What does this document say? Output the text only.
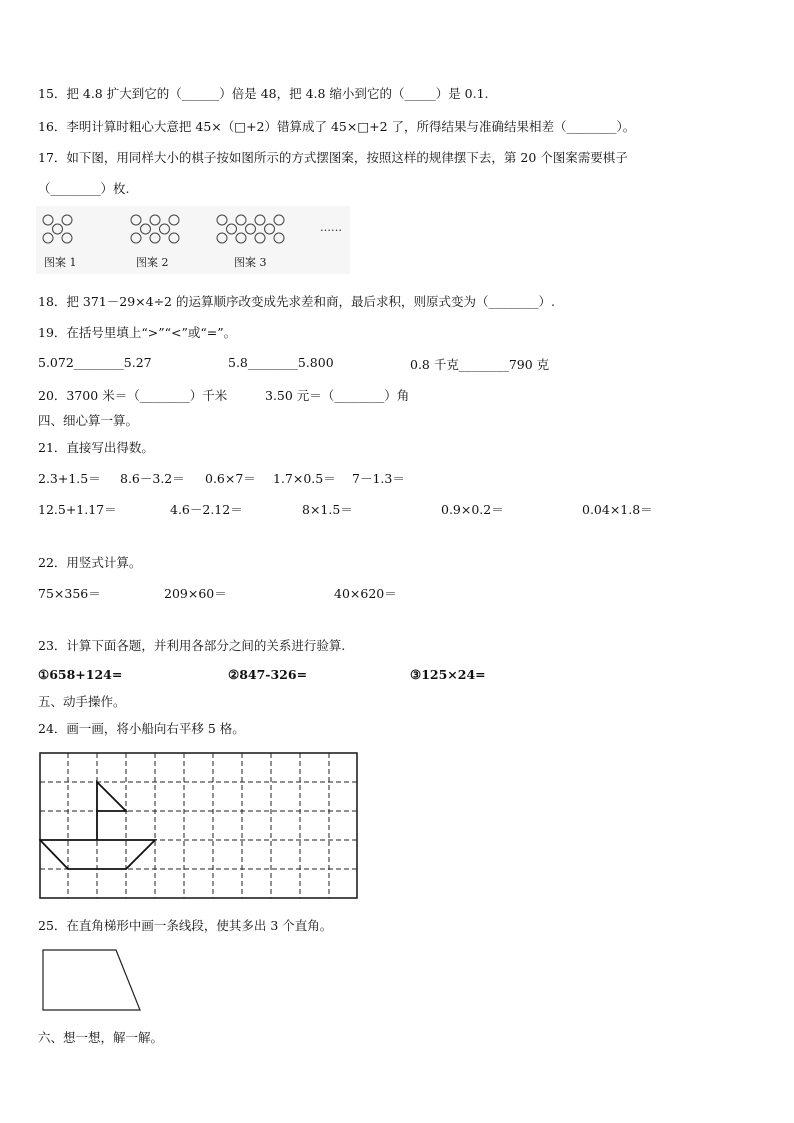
15．把 4.8 扩大到它的（______）倍是 48，把 4.8 缩小到它的（_____）是 0.1.
16．李明计算时粗心大意把 45×（□+2）错算成了 45×□+2 了，所得结果与准确结果相差（________）。
17．如下图，用同样大小的棋子按如图所示的方式摆图案，按照这样的规律摆下去，第 20 个图案需要棋子
（________）枚.
图案 1	图案 2	图案 3
……
18．把 371－29×4÷2 的运算顺序改变成先求差和商，最后求积，则原式变为（________）.
19．在括号里填上“>”“<”或“=”。
5.072________5.27	5.8________5.800	0.8 千克________790 克
20．3700 米＝（________）千米	3.50 元＝（________）角
四、细心算一算。
21．直接写出得数。
2.3+1.5＝ 8.6－3.2＝ 0.6×7＝ 1.7×0.5＝ 7－1.3＝
12.5+1.17＝	4.6－2.12＝	8×1.5＝	0.9×0.2＝	0.04×1.8＝
22．用竖式计算。
75×356＝	209×60＝	40×620＝
23．计算下面各题，并利用各部分之间的关系进行验算.
①658+124=	②847-326=	③125×24=
五、动手操作。
24．画一画，将小船向右平移 5 格。
25．在直角梯形中画一条线段，使其多出 3 个直角。
六、想一想，解一解。
